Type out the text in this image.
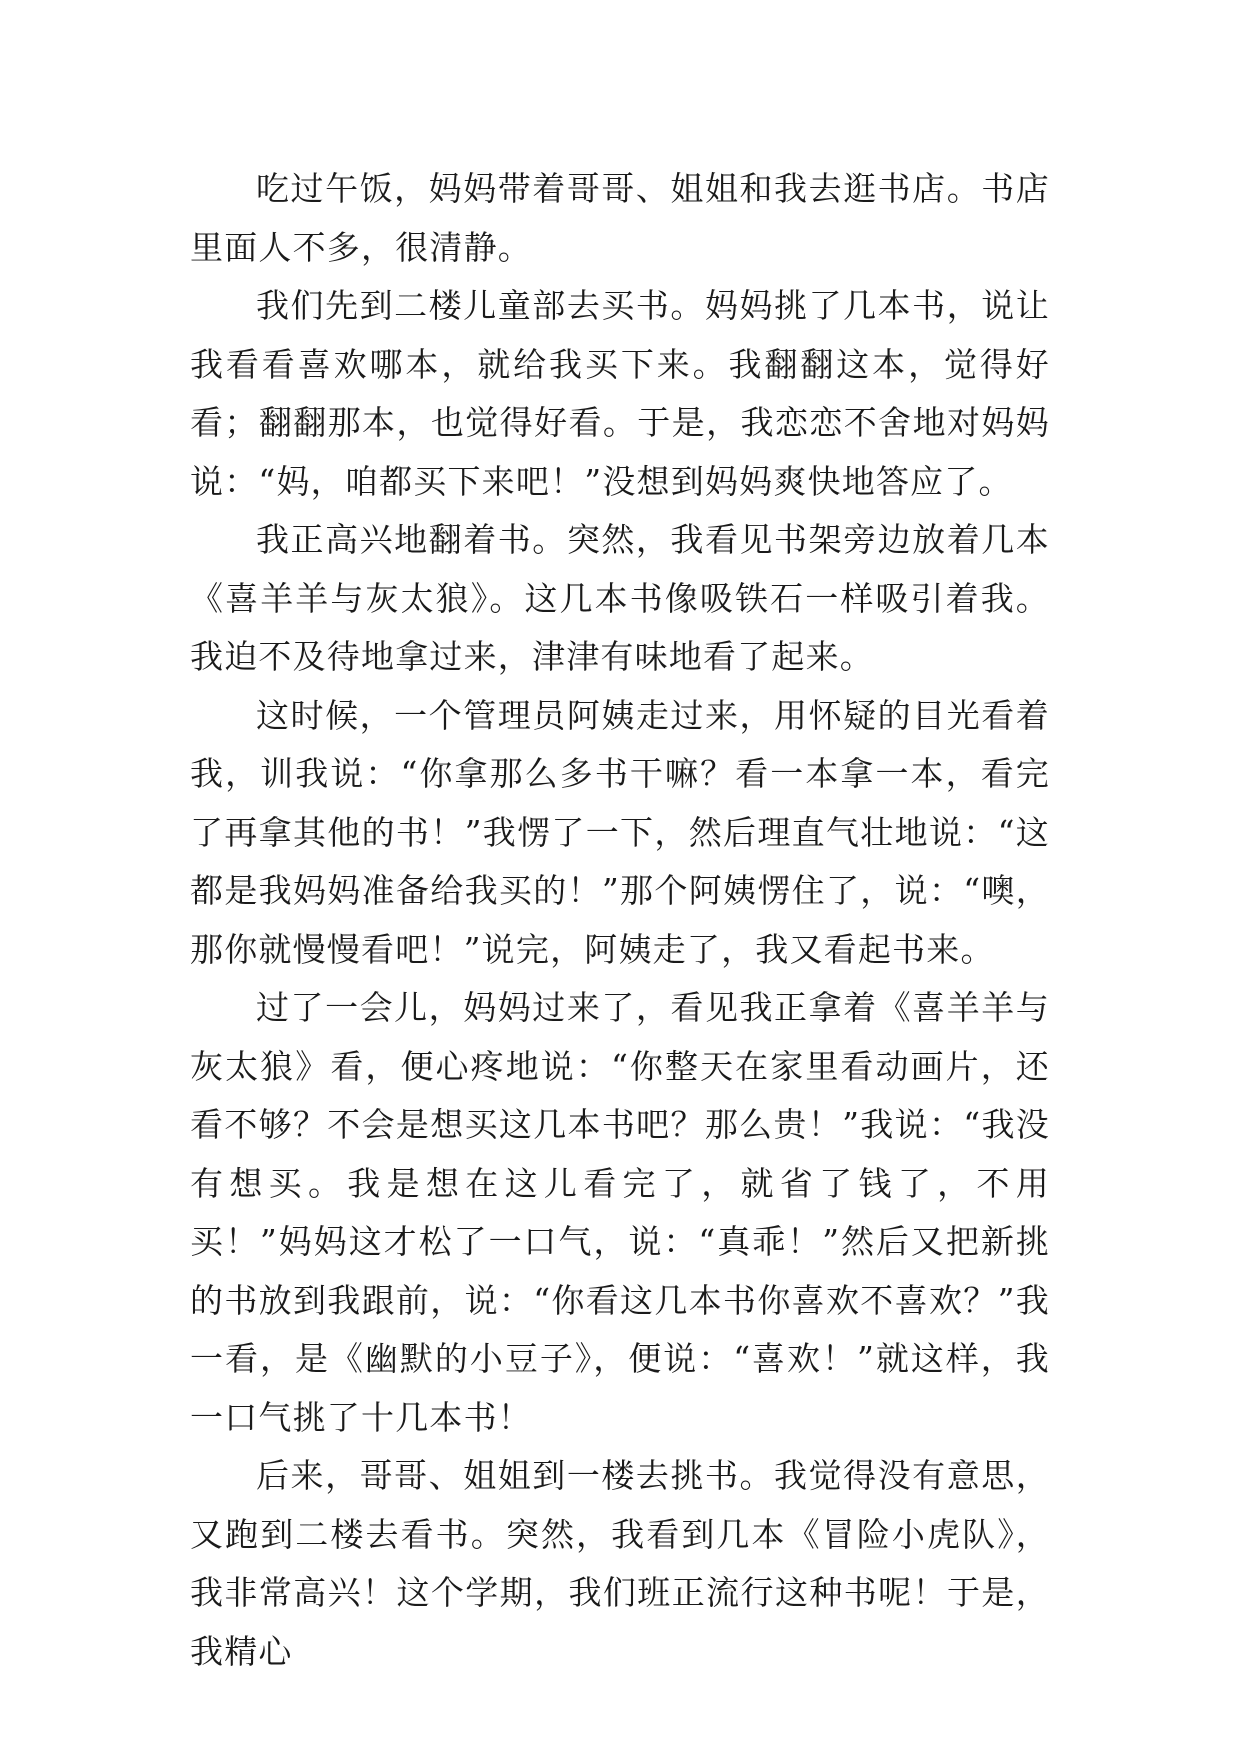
吃过午饭，妈妈带着哥哥、姐姐和我去逛书店。书店里面人不多，很清静。

我们先到二楼儿童部去买书。妈妈挑了几本书，说让我看看喜欢哪本，就给我买下来。我翻翻这本，觉得好看；翻翻那本，也觉得好看。于是，我恋恋不舍地对妈妈说：“妈，咱都买下来吧！”没想到妈妈爽快地答应了。

我正高兴地翻着书。突然，我看见书架旁边放着几本《喜羊羊与灰太狼》。这几本书像吸铁石一样吸引着我。我迫不及待地拿过来，津津有味地看了起来。

这时候，一个管理员阿姨走过来，用怀疑的目光看着我，训我说：“你拿那么多书干嘛？看一本拿一本，看完了再拿其他的书！”我愣了一下，然后理直气壮地说：“这都是我妈妈准备给我买的！”那个阿姨愣住了，说：“噢，那你就慢慢看吧！”说完，阿姨走了，我又看起书来。

过了一会儿，妈妈过来了，看见我正拿着《喜羊羊与灰太狼》看，便心疼地说：“你整天在家里看动画片，还看不够？不会是想买这几本书吧？那么贵！”我说：“我没有想买。我是想在这儿看完了，就省了钱了，不用买！”妈妈这才松了一口气，说：“真乖！”然后又把新挑的书放到我跟前，说：“你看这几本书你喜欢不喜欢？”我一看，是《幽默的小豆子》，便说：“喜欢！”就这样，我一口气挑了十几本书！

后来，哥哥、姐姐到一楼去挑书。我觉得没有意思，又跑到二楼去看书。突然，我看到几本《冒险小虎队》，我非常高兴！这个学期，我们班正流行这种书呢！于是，我精心
